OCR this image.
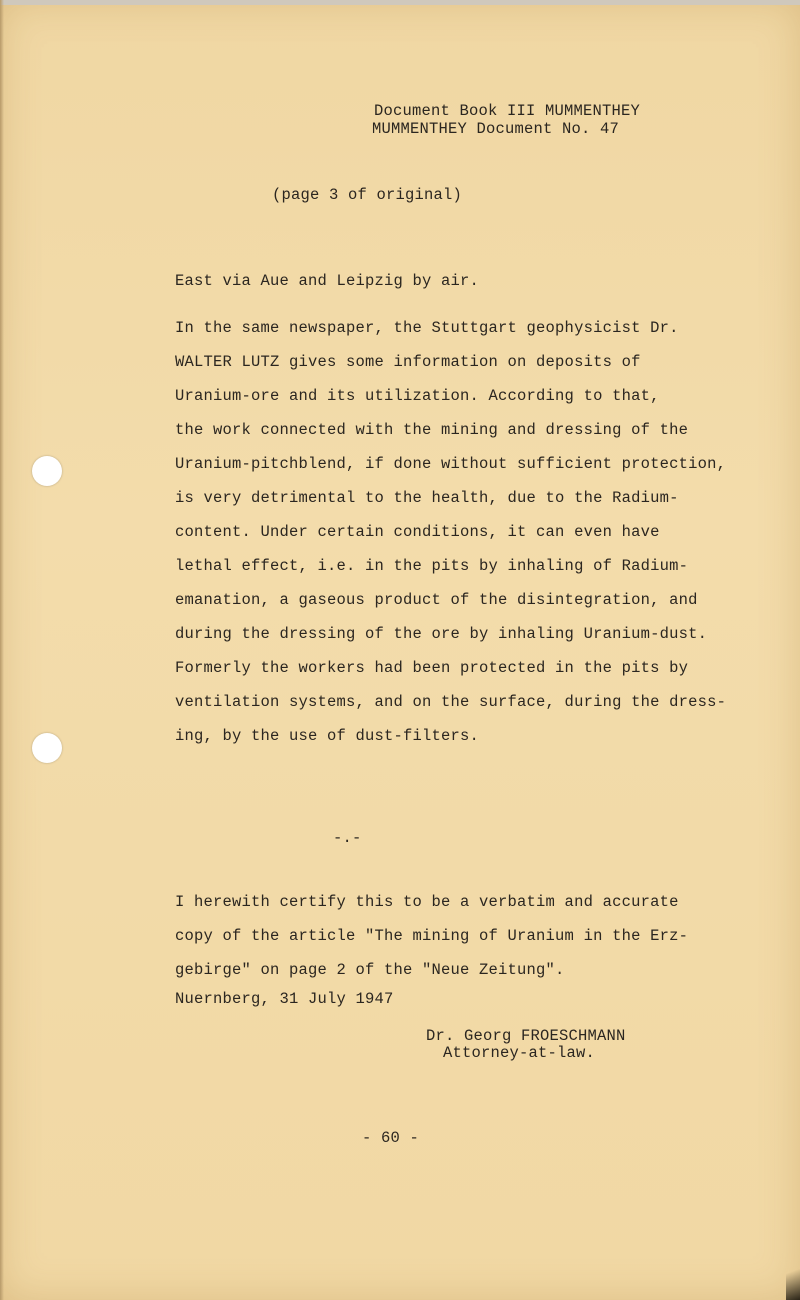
Document Book III MUMMENTHEY
MUMMENTHEY Document No. 47
(page 3 of original)
East via Aue and Leipzig by air.
In the same newspaper, the Stuttgart geophysicist Dr.
WALTER LUTZ gives some information on deposits of
Uranium-ore and its utilization. According to that,
the work connected with the mining and dressing of the
Uranium-pitchblend, if done without sufficient protection,
is very detrimental to the health, due to the Radium-
content. Under certain conditions, it can even have
lethal effect, i.e. in the pits by inhaling of Radium-
emanation, a gaseous product of the disintegration, and
during the dressing of the ore by inhaling Uranium-dust.
Formerly the workers had been protected in the pits by
ventilation systems, and on the surface, during the dress-
ing, by the use of dust-filters.
-.-
I herewith certify this to be a verbatim and accurate
copy of the article "The mining of Uranium in the Erz-
gebirge" on page 2 of the "Neue Zeitung".
Nuernberg, 31 July 1947
Dr. Georg FROESCHMANN
Attorney-at-law.
- 60 -
